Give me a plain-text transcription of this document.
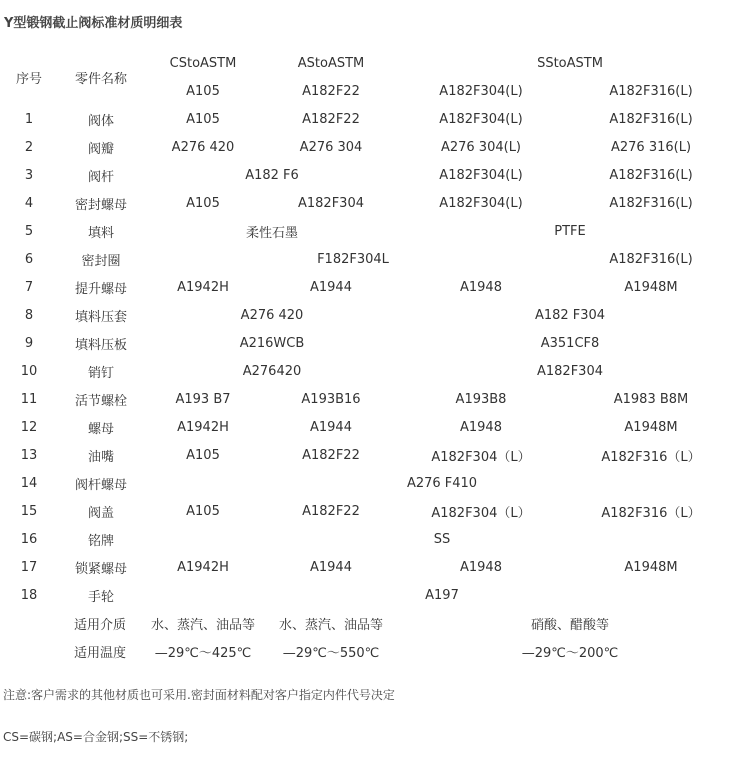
Y型锻钢截止阀标准材质明细表
序号	零件名称	CStoASTM	AStoASTM	SStoASTM	
		A105	A182F22	A182F304(L)	A182F316(L)
1	阀体	A105	A182F22	A182F304(L)	A182F316(L)
2	阀瓣	A276 420	A276 304	A276 304(L)	A276 316(L)
3	阀杆	A182 F6		A182F304(L)	A182F316(L)
4	密封螺母	A105	A182F304	A182F304(L)	A182F316(L)
5	填料	柔性石墨		PTFE	
6	密封圈	F182F304L			A182F316(L)
7	提升螺母	A1942H	A1944	A1948	A1948M
8	填料压套	A276 420		A182 F304	
9	填料压板	A216WCB		A351CF8	
10	销钉	A276420		A182F304	
11	活节螺栓	A193 B7	A193B16	A193B8	A1983 B8M
12	螺母	A1942H	A1944	A1948	A1948M
13	油嘴	A105	A182F22	A182F304（L）	A182F316（L）
14	阀杆螺母	A276 F410			
15	阀盖	A105	A182F22	A182F304（L）	A182F316（L）
16	铭牌	SS			
17	锁紧螺母	A1942H	A1944	A1948	A1948M
18	手轮	A197			
适用介质		水、蒸汽、油品等	水、蒸汽、油品等	硝酸、醋酸等	
适用温度		—29℃～425℃	—29℃～550℃	—29℃～200℃	
注意:客户需求的其他材质也可采用.密封面材料配对客户指定内件代号决定
CS=碳钢;AS=合金钢;SS=不锈钢;
